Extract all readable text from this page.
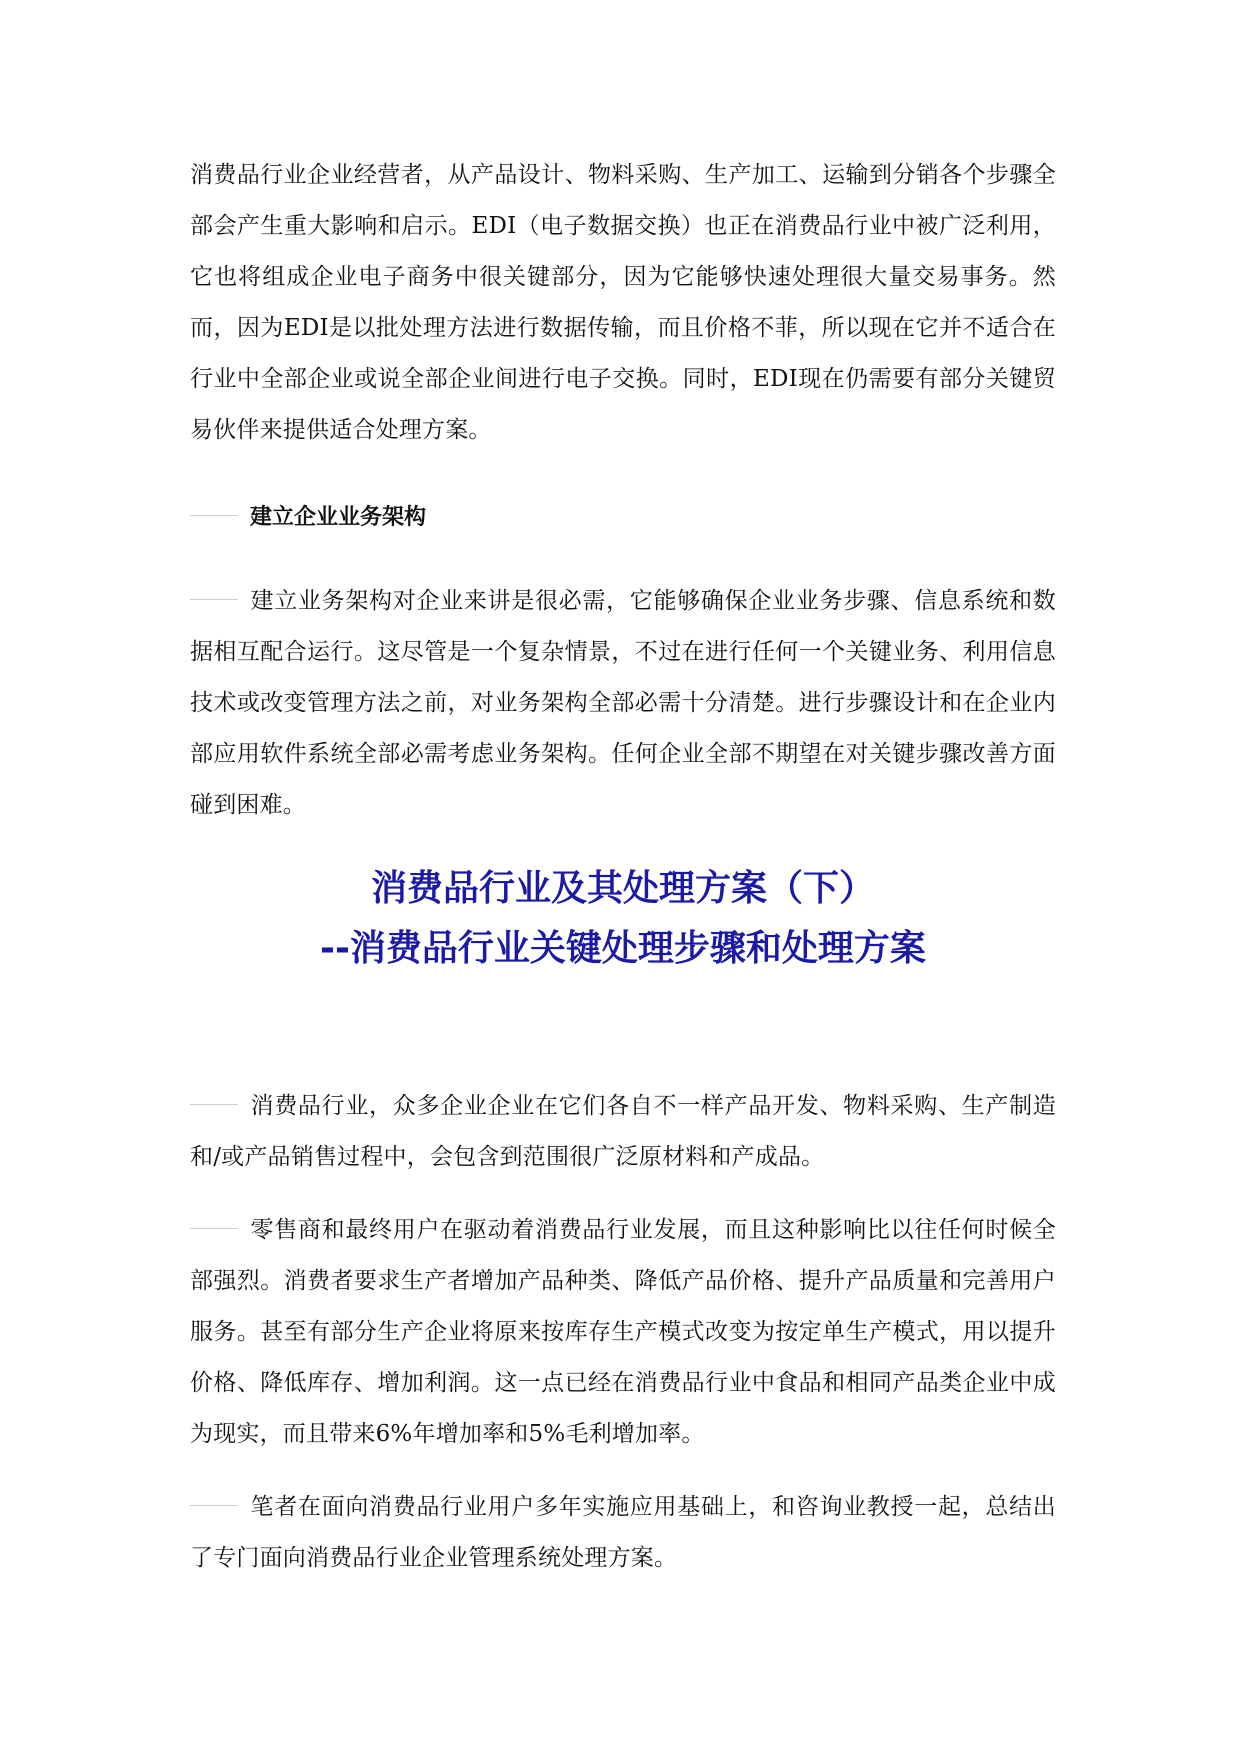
消费品行业企业经营者，从产品设计、物料采购、生产加工、运输到分销各个步骤全部会产生重大影响和启示。EDI（电子数据交换）也正在消费品行业中被广泛利用，它也将组成企业电子商务中很关键部分，因为它能够快速处理很大量交易事务。然而，因为EDI是以批处理方法进行数据传输，而且价格不菲，所以现在它并不适合在行业中全部企业或说全部企业间进行电子交换。同时，EDI现在仍需要有部分关键贸易伙伴来提供适合处理方案。

建立企业业务架构

建立业务架构对企业来讲是很必需，它能够确保企业业务步骤、信息系统和数据相互配合运行。这尽管是一个复杂情景，不过在进行任何一个关键业务、利用信息技术或改变管理方法之前，对业务架构全部必需十分清楚。进行步骤设计和在企业内部应用软件系统全部必需考虑业务架构。任何企业全部不期望在对关键步骤改善方面碰到困难。

消费品行业及其处理方案（下）

--消费品行业关键处理步骤和处理方案

消费品行业，众多企业企业在它们各自不一样产品开发、物料采购、生产制造和/或产品销售过程中，会包含到范围很广泛原材料和产成品。

零售商和最终用户在驱动着消费品行业发展，而且这种影响比以往任何时候全部强烈。消费者要求生产者增加产品种类、降低产品价格、提升产品质量和完善用户服务。甚至有部分生产企业将原来按库存生产模式改变为按定单生产模式，用以提升价格、降低库存、增加利润。这一点已经在消费品行业中食品和相同产品类企业中成为现实，而且带来6%年增加率和5%毛利增加率。

笔者在面向消费品行业用户多年实施应用基础上，和咨询业教授一起，总结出了专门面向消费品行业企业管理系统处理方案。
